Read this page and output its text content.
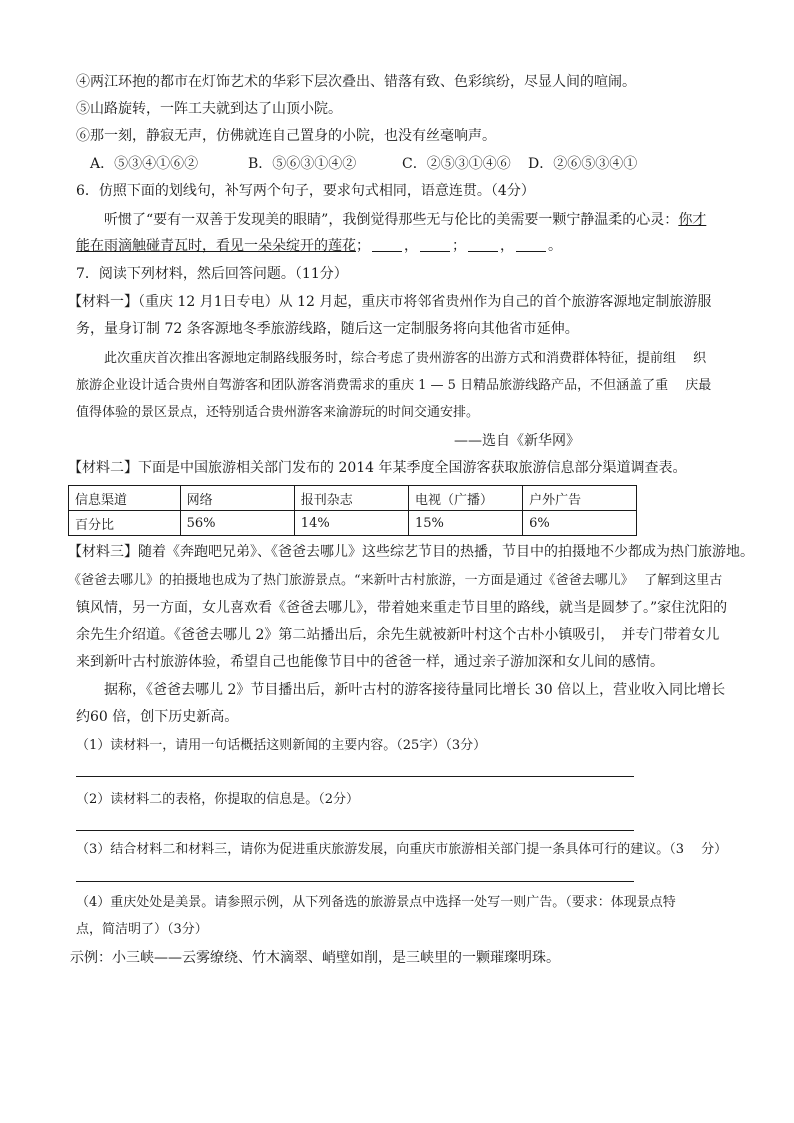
④两江环抱的都市在灯饰艺术的华彩下层次叠出、错落有致、色彩缤纷，尽显人间的喧闹。
⑤山路旋转，一阵工夫就到达了山顶小院。
⑥那一刻，静寂无声，仿佛就连自己置身的小院，也没有丝毫响声。
A．⑤③④①⑥②	B．⑤⑥③①④②	C．②⑤③①④⑥ D．②⑥⑤③④①
6．仿照下面的划线句，补写两个句子，要求句式相同，语意连贯。（4分）
听惯了“要有一双善于发现美的眼睛”，我倒觉得那些无与伦比的美需要一颗宁静温柔的心灵：你才
能在雨滴触碰青瓦时，看见一朵朵绽开的莲花； ， ； ， 。
7．阅读下列材料，然后回答问题。（11分）
【材料一】（重庆 12 月1日专电）从 12 月起，重庆市将邻省贵州作为自己的首个旅游客源地定制旅游服
务，量身订制 72 条客源地冬季旅游线路，随后这一定制服务将向其他省市延伸。
此次重庆首次推出客源地定制路线服务时，综合考虑了贵州游客的出游方式和消费群体特征，提前组　 织
旅游企业设计适合贵州自驾游客和团队游客消费需求的重庆 1 — 5 日精品旅游线路产品，不但涵盖了重　 庆最
值得体验的景区景点，还特别适合贵州游客来渝游玩的时间交通安排。
——选自《新华网》
【材料二】下面是中国旅游相关部门发布的 2014 年某季度全国游客获取旅游信息部分渠道调查表。
信息渠道	网络	报刊杂志	电视（广播）	户外广告
百分比	56%	14%	15%	6%
【材料三】随着《奔跑吧兄弟》、《爸爸去哪儿》这些综艺节目的热播，节目中的拍摄地不少都成为热门旅游地。
《爸爸去哪儿》的拍摄地也成为了热门旅游景点。“来新叶古村旅游，一方面是通过《爸爸去哪儿》　 了解到这里古
镇风情，另一方面，女儿喜欢看《爸爸去哪儿》，带着她来重走节目里的路线，就当是圆梦了。”家住沈阳的
余先生介绍道。《爸爸去哪儿 2》第二站播出后，余先生就被新叶村这个古朴小镇吸引，　并专门带着女儿
来到新叶古村旅游体验，希望自己也能像节目中的爸爸一样，通过亲子游加深和女儿间的感情。
据称，《爸爸去哪儿 2》节目播出后，新叶古村的游客接待量同比增长 30 倍以上，营业收入同比增长
约60 倍，创下历史新高。
（1）读材料一，请用一句话概括这则新闻的主要内容。（25字）（3分）
（2）读材料二的表格，你提取的信息是。（2分）
（3）结合材料二和材料三，请你为促进重庆旅游发展，向重庆市旅游相关部门提一条具体可行的建议。（3　 分）
（4）重庆处处是美景。请参照示例，从下列备选的旅游景点中选择一处写一则广告。（要求：体现景点特
点，简洁明了）（3分）
示例：小三峡——云雾缭绕、竹木滴翠、峭壁如削，是三峡里的一颗璀璨明珠。
